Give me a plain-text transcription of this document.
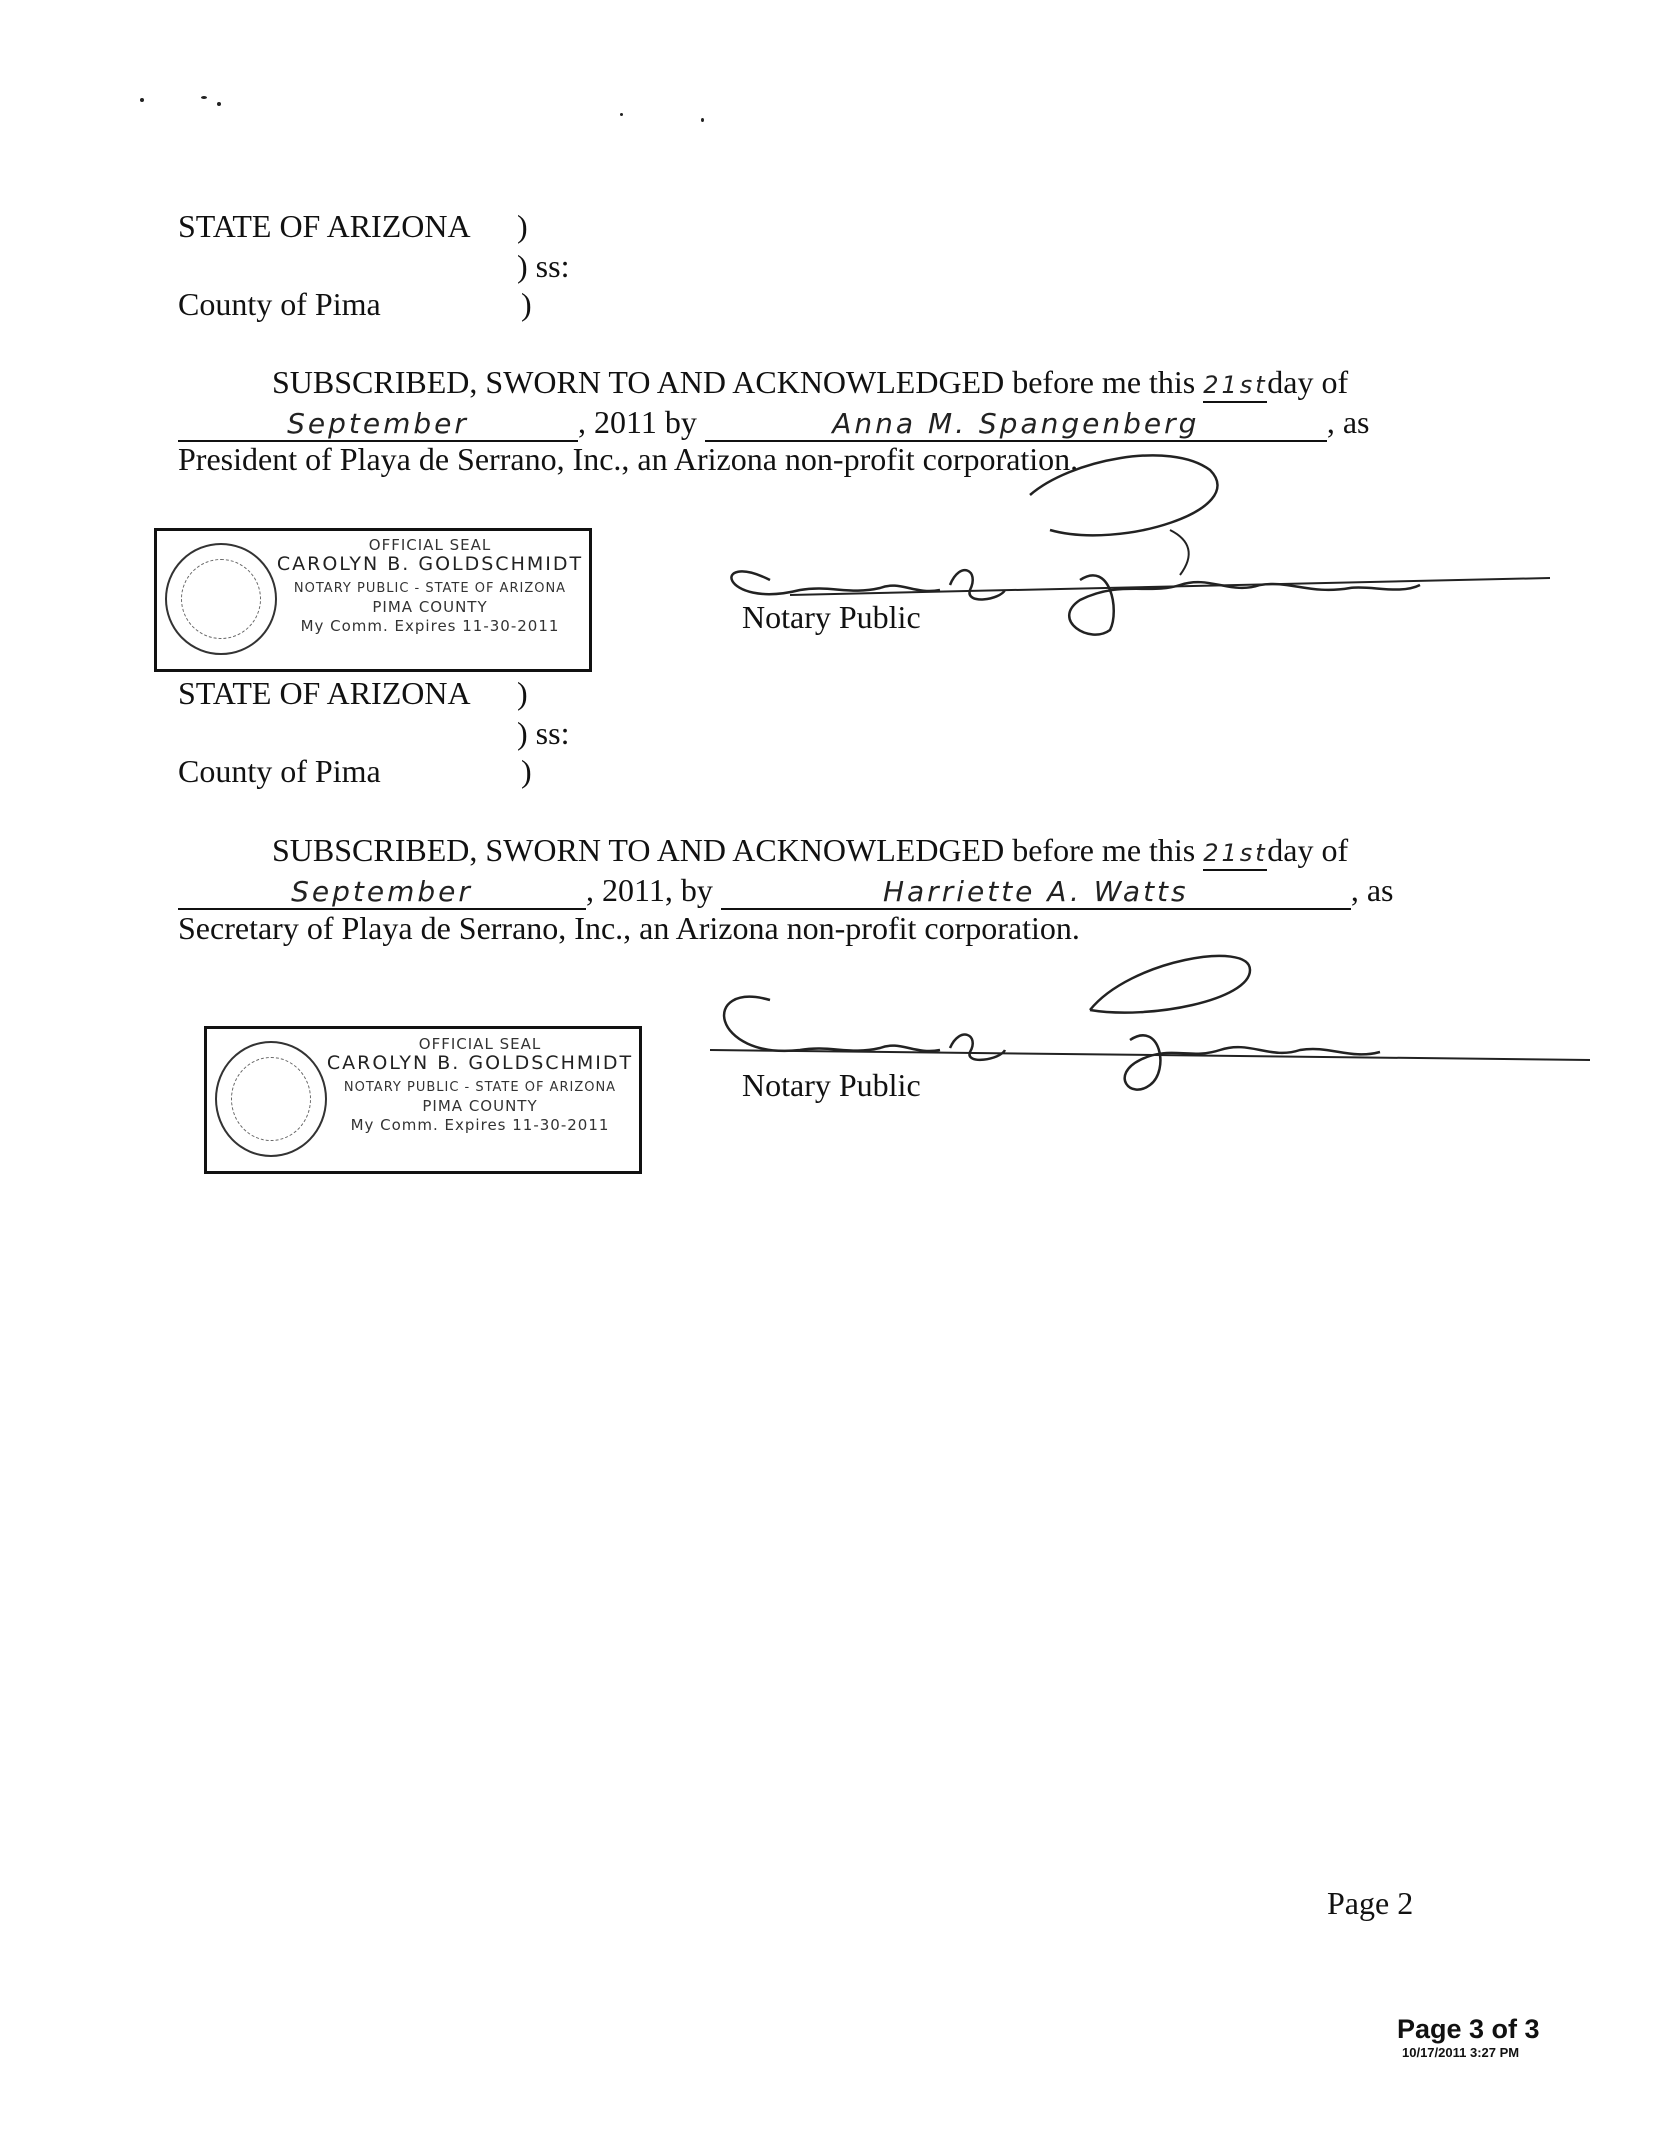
STATE OF ARIZONA )
) ss:
County of Pima	)
SUBSCRIBED, SWORN TO AND ACKNOWLEDGED before me this 21stday of
September	, 2011 by	Anna M. Spangenberg	, as
President of Playa de Serrano, Inc., an Arizona non-profit corporation.
OFFICIAL SEAL
CAROLYN B. GOLDSCHMIDT
NOTARY PUBLIC - STATE OF ARIZONA
PIMA COUNTY
My Comm. Expires 11-30-2011	Notary Public
STATE OF ARIZONA )
) ss:
County of Pima	)
SUBSCRIBED, SWORN TO AND ACKNOWLEDGED before me this 21stday of
September	, 2011, by	Harriette A. Watts	, as
Secretary of Playa de Serrano, Inc., an Arizona non-profit corporation.
OFFICIAL SEAL
CAROLYN B. GOLDSCHMIDT
NOTARY PUBLIC - STATE OF ARIZONA
PIMA COUNTY
My Comm. Expires 11-30-2011
Notary Public
Page 2
Page 3 of 3
10/17/2011 3:27 PM
